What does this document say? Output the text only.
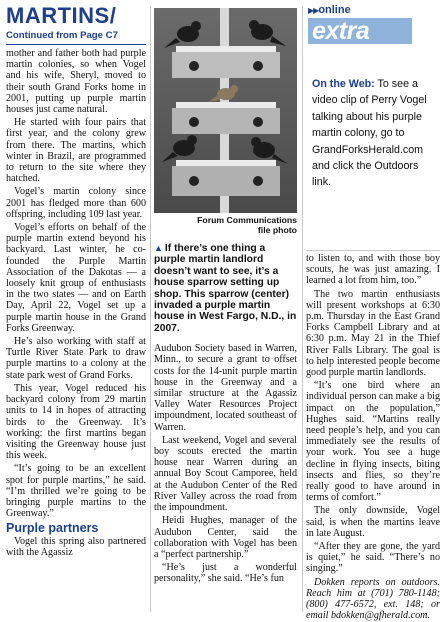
MARTINS/
Continued from Page C7

mother and father both had purple martin colonies, so when Vogel and his wife, Sheryl, moved to their south Grand Forks home in 2001, putting up purple martin houses just came natural.

He started with four pairs that first year, and the colony grew from there. The martins, which winter in Brazil, are programmed to return to the site where they hatched.

Vogel’s martin colony since 2001 has fledged more than 600 offspring, including 109 last year.

Vogel’s efforts on behalf of the purple martin extend beyond his backyard. Last winter, he co-founded the Purple Martin Association of the Dakotas — a loosely knit group of enthusiasts in the two states — and on Earth Day, April 22, Vogel set up a purple martin house in the Grand Forks Greenway.

He’s also working with staff at Turtle River State Park to draw purple martins to a colony at the state park west of Grand Forks.

This year, Vogel reduced his backyard colony from 29 martin units to 14 in hopes of attracting birds to the Greenway. It’s working: the first martins began visiting the Greenway house just this week.

“It’s going to be an excellent spot for purple martins,” he said. “I’m thrilled we’re going to be bringing purple martins to the Greenway.”

Purple partners

Vogel this spring also partnered with the Agassiz

Forum Communications
file photo
▲ If there’s one thing a purple martin landlord doesn’t want to see, it’s a house sparrow setting up shop. This sparrow (center) invaded a purple martin house in West Fargo, N.D., in 2007.

Audubon Society based in Warren, Minn., to secure a grant to offset costs for the 14-unit purple martin house in the Greenway and a similar structure at the Agassiz Valley Water Resources Project impoundment, located southeast of Warren.

Last weekend, Vogel and several boy scouts erected the martin house near Warren during an annual Boy Scout Camporee, held at the Audubon Center of the Red River Valley across the road from the impoundment.

Heidi Hughes, manager of the Audubon Center, said the collaboration with Vogel has been a “perfect partnership.”

“He’s just a wonderful personality,” she said. “He’s fun

▶▶online
extra
On the Web: To see a video clip of Perry Vogel talking about his purple martin colony, go to GrandForksHerald.com and click the Outdoors link.

to listen to, and with those boy scouts, he was just amazing. I learned a lot from him, too.”

The two martin enthusiasts will present workshops at 6:30 p.m. Thursday in the East Grand Forks Campbell Library and at 6:30 p.m. May 21 in the Thief River Falls Library. The goal is to help interested people become good purple martin landlords.

“It’s one bird where an individual person can make a big impact on the population,” Hughes said. “Martins really need people’s help, and you can immediately see the results of your work. You see a huge decline in flying insects, biting insects and flies, so they’re really good to have around in terms of comfort.”

The only downside, Vogel said, is when the martins leave in late August.

“After they are gone, the yard is quiet,” he said. “There’s no singing.”

Dokken reports on outdoors. Reach him at (701) 780-1148; (800) 477-6572, ext. 148; or email bdokken@gfherald.com.
